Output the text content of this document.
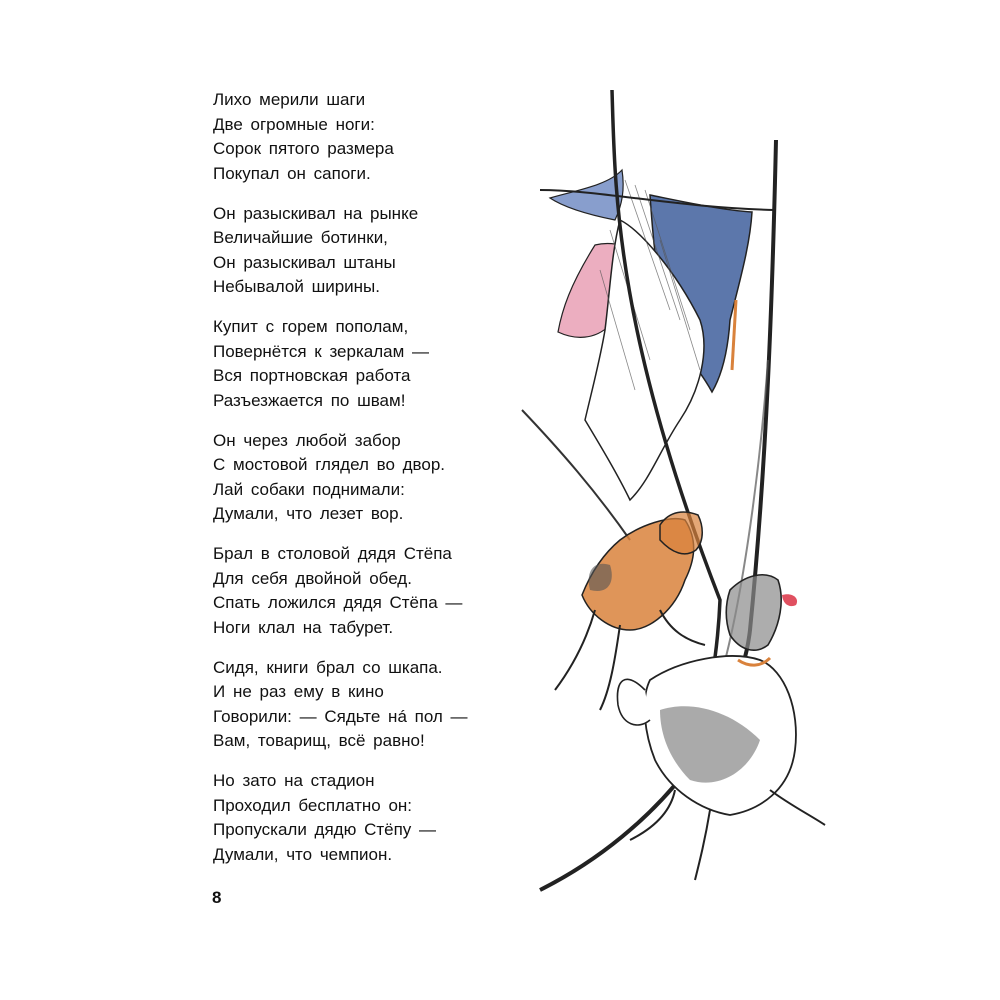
Лихо мерили шаги
Две огромные ноги:
Сорок пятого размера
Покупал он сапоги.
Он разыскивал на рынке
Величайшие ботинки,
Он разыскивал штаны
Небывалой ширины.
Купит с горем пополам,
Повернётся к зеркалам —
Вся портновская работа
Разъезжается по швам!
Он через любой забор
С мостовой глядел во двор.
Лай собаки поднимали:
Думали, что лезет вор.
Брал в столовой дядя Стёпа
Для себя двойной обед.
Спать ложился дядя Стёпа —
Ноги клал на табурет.
Сидя, книги брал со шкапа.
И не раз ему в кино
Говорили: — Сядьте нá пол —
Вам, товарищ, всё равно!
Но зато на стадион
Проходил бесплатно он:
Пропускали дядю Стёпу —
Думали, что чемпион.
8
